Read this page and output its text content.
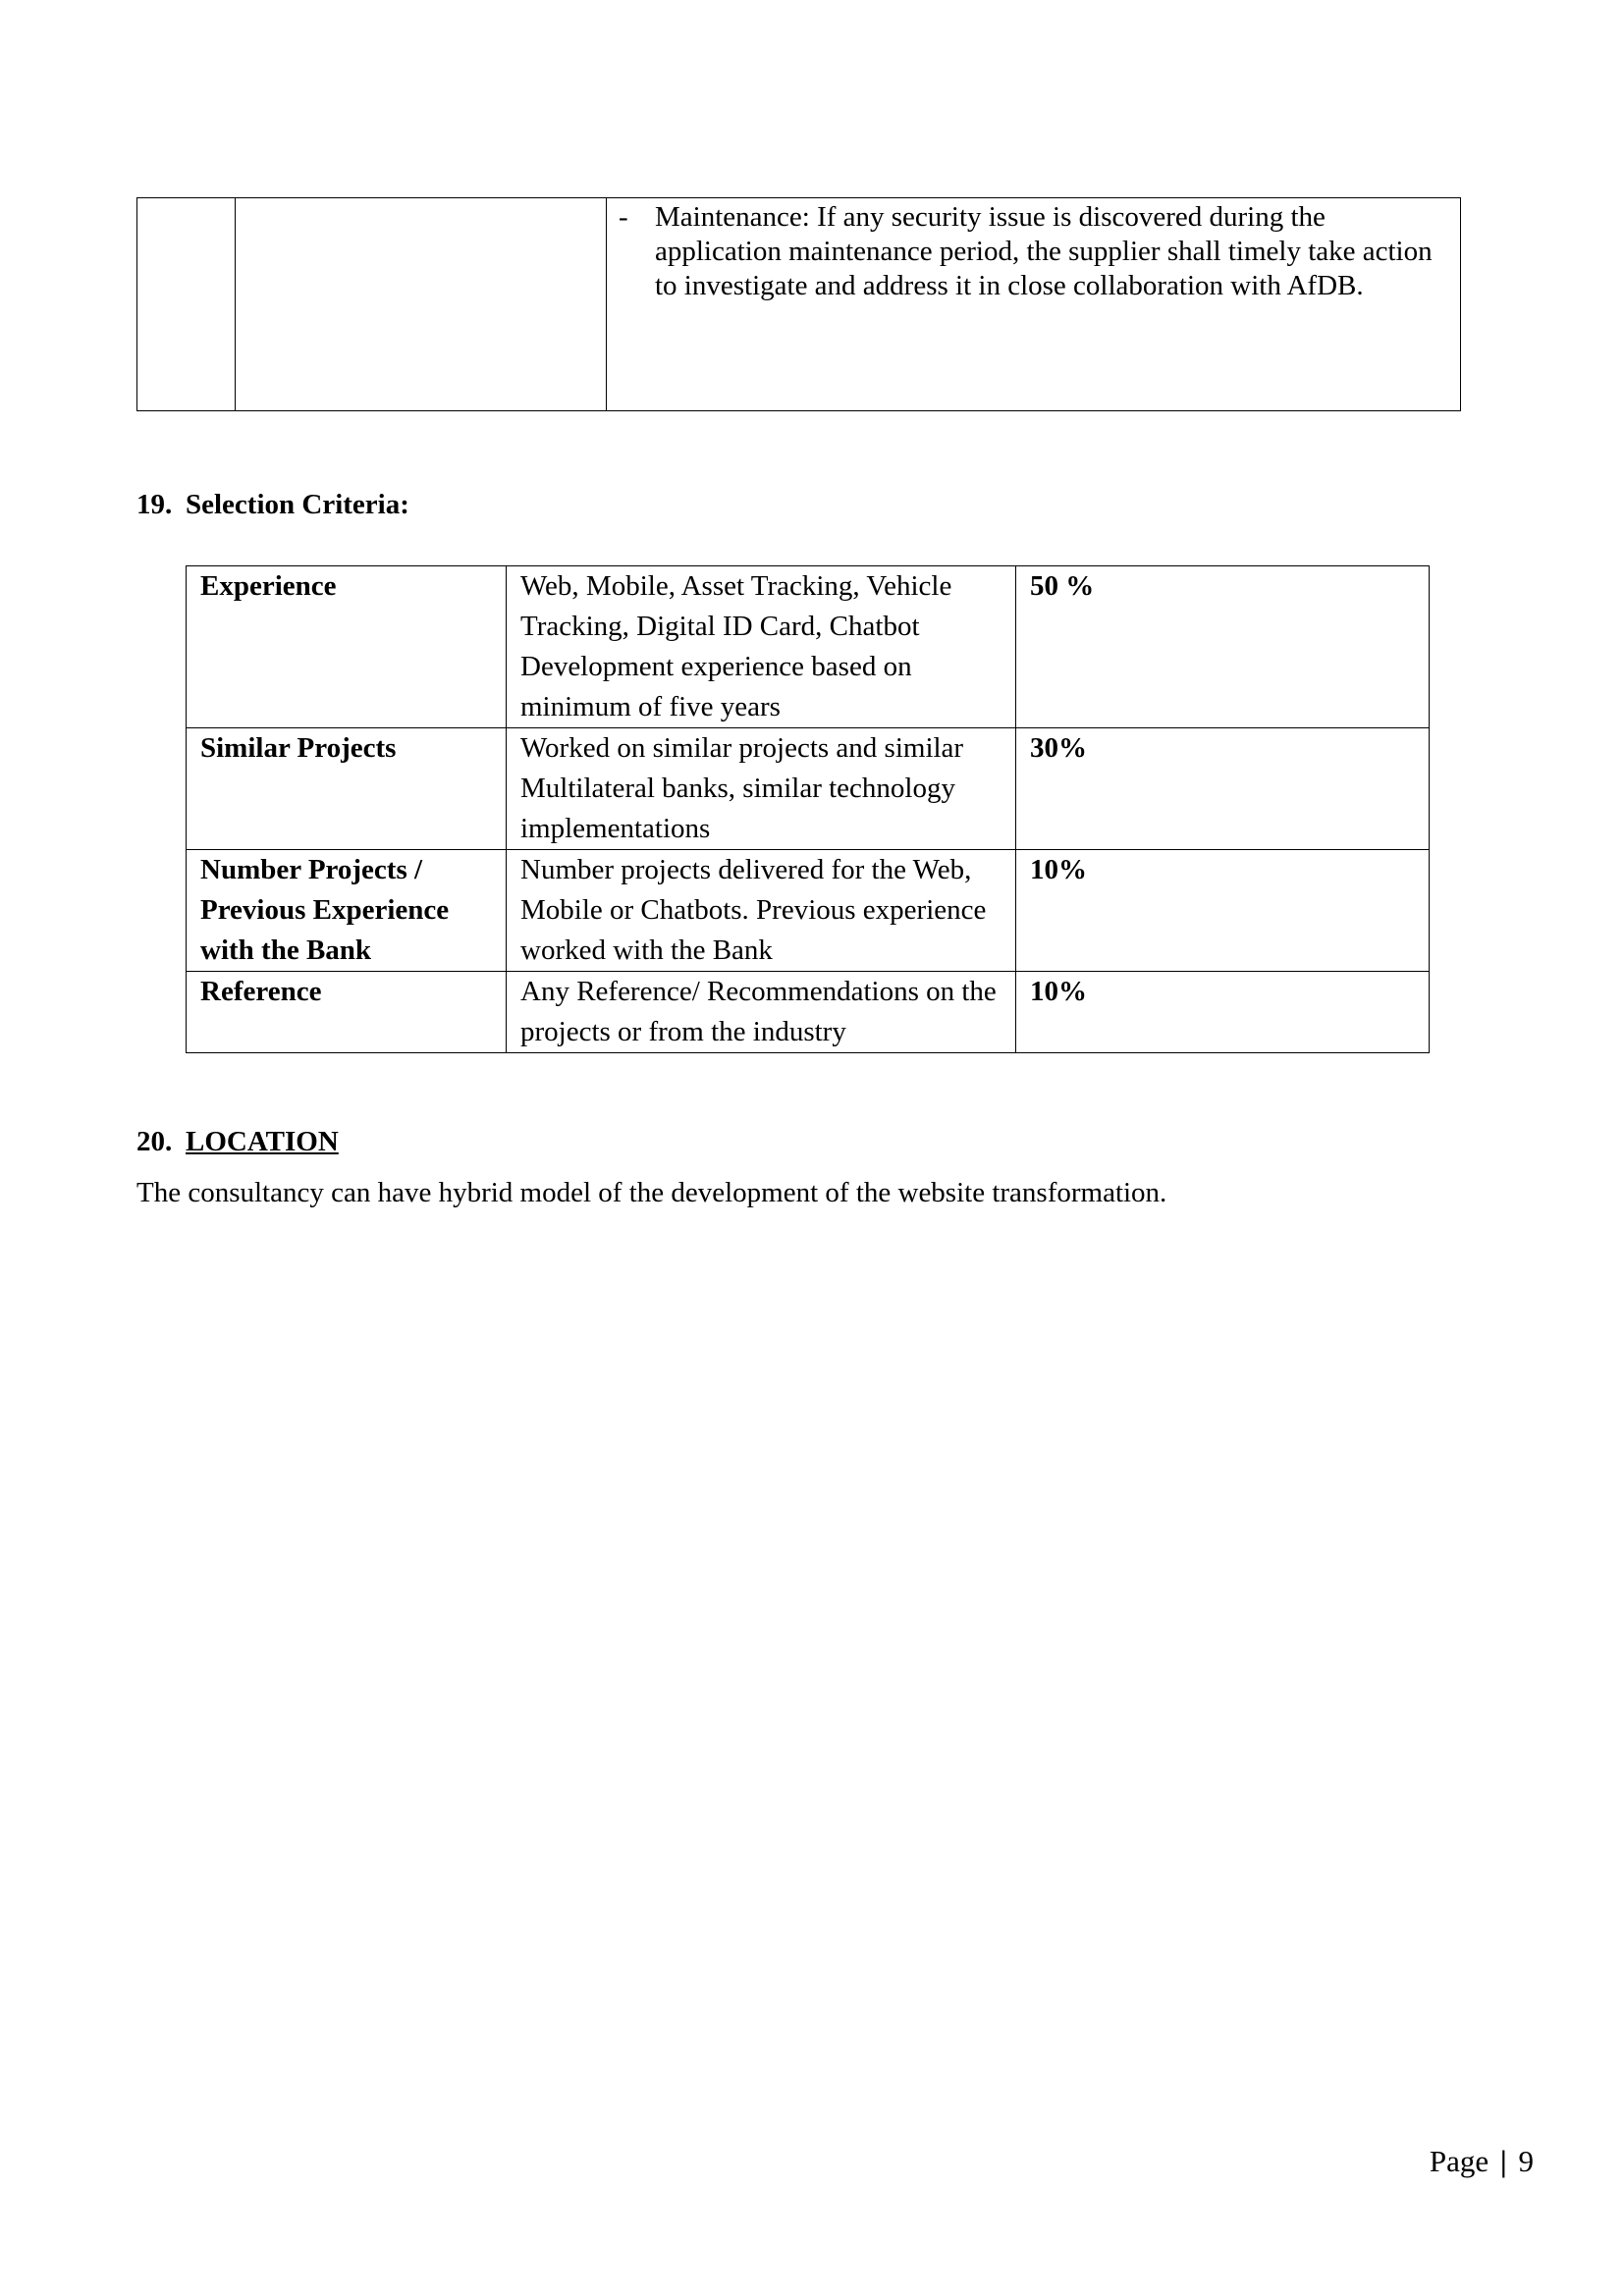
- Maintenance: If any security issue is discovered during the application maintenance period, the supplier shall timely take action to investigate and address it in close collaboration with AfDB.
19. Selection Criteria:
Experience	Web, Mobile, Asset Tracking, Vehicle Tracking, Digital ID Card, Chatbot Development experience based on minimum of five years	50 %
Similar Projects	Worked on similar projects and similar Multilateral banks, similar technology implementations	30%
Number Projects / Previous Experience with the Bank	Number projects delivered for the Web, Mobile or Chatbots. Previous experience worked with the Bank	10%
Reference	Any Reference/ Recommendations on the projects or from the industry	10%
20. LOCATION
The consultancy can have hybrid model of the development of the website transformation.
Page | 9
